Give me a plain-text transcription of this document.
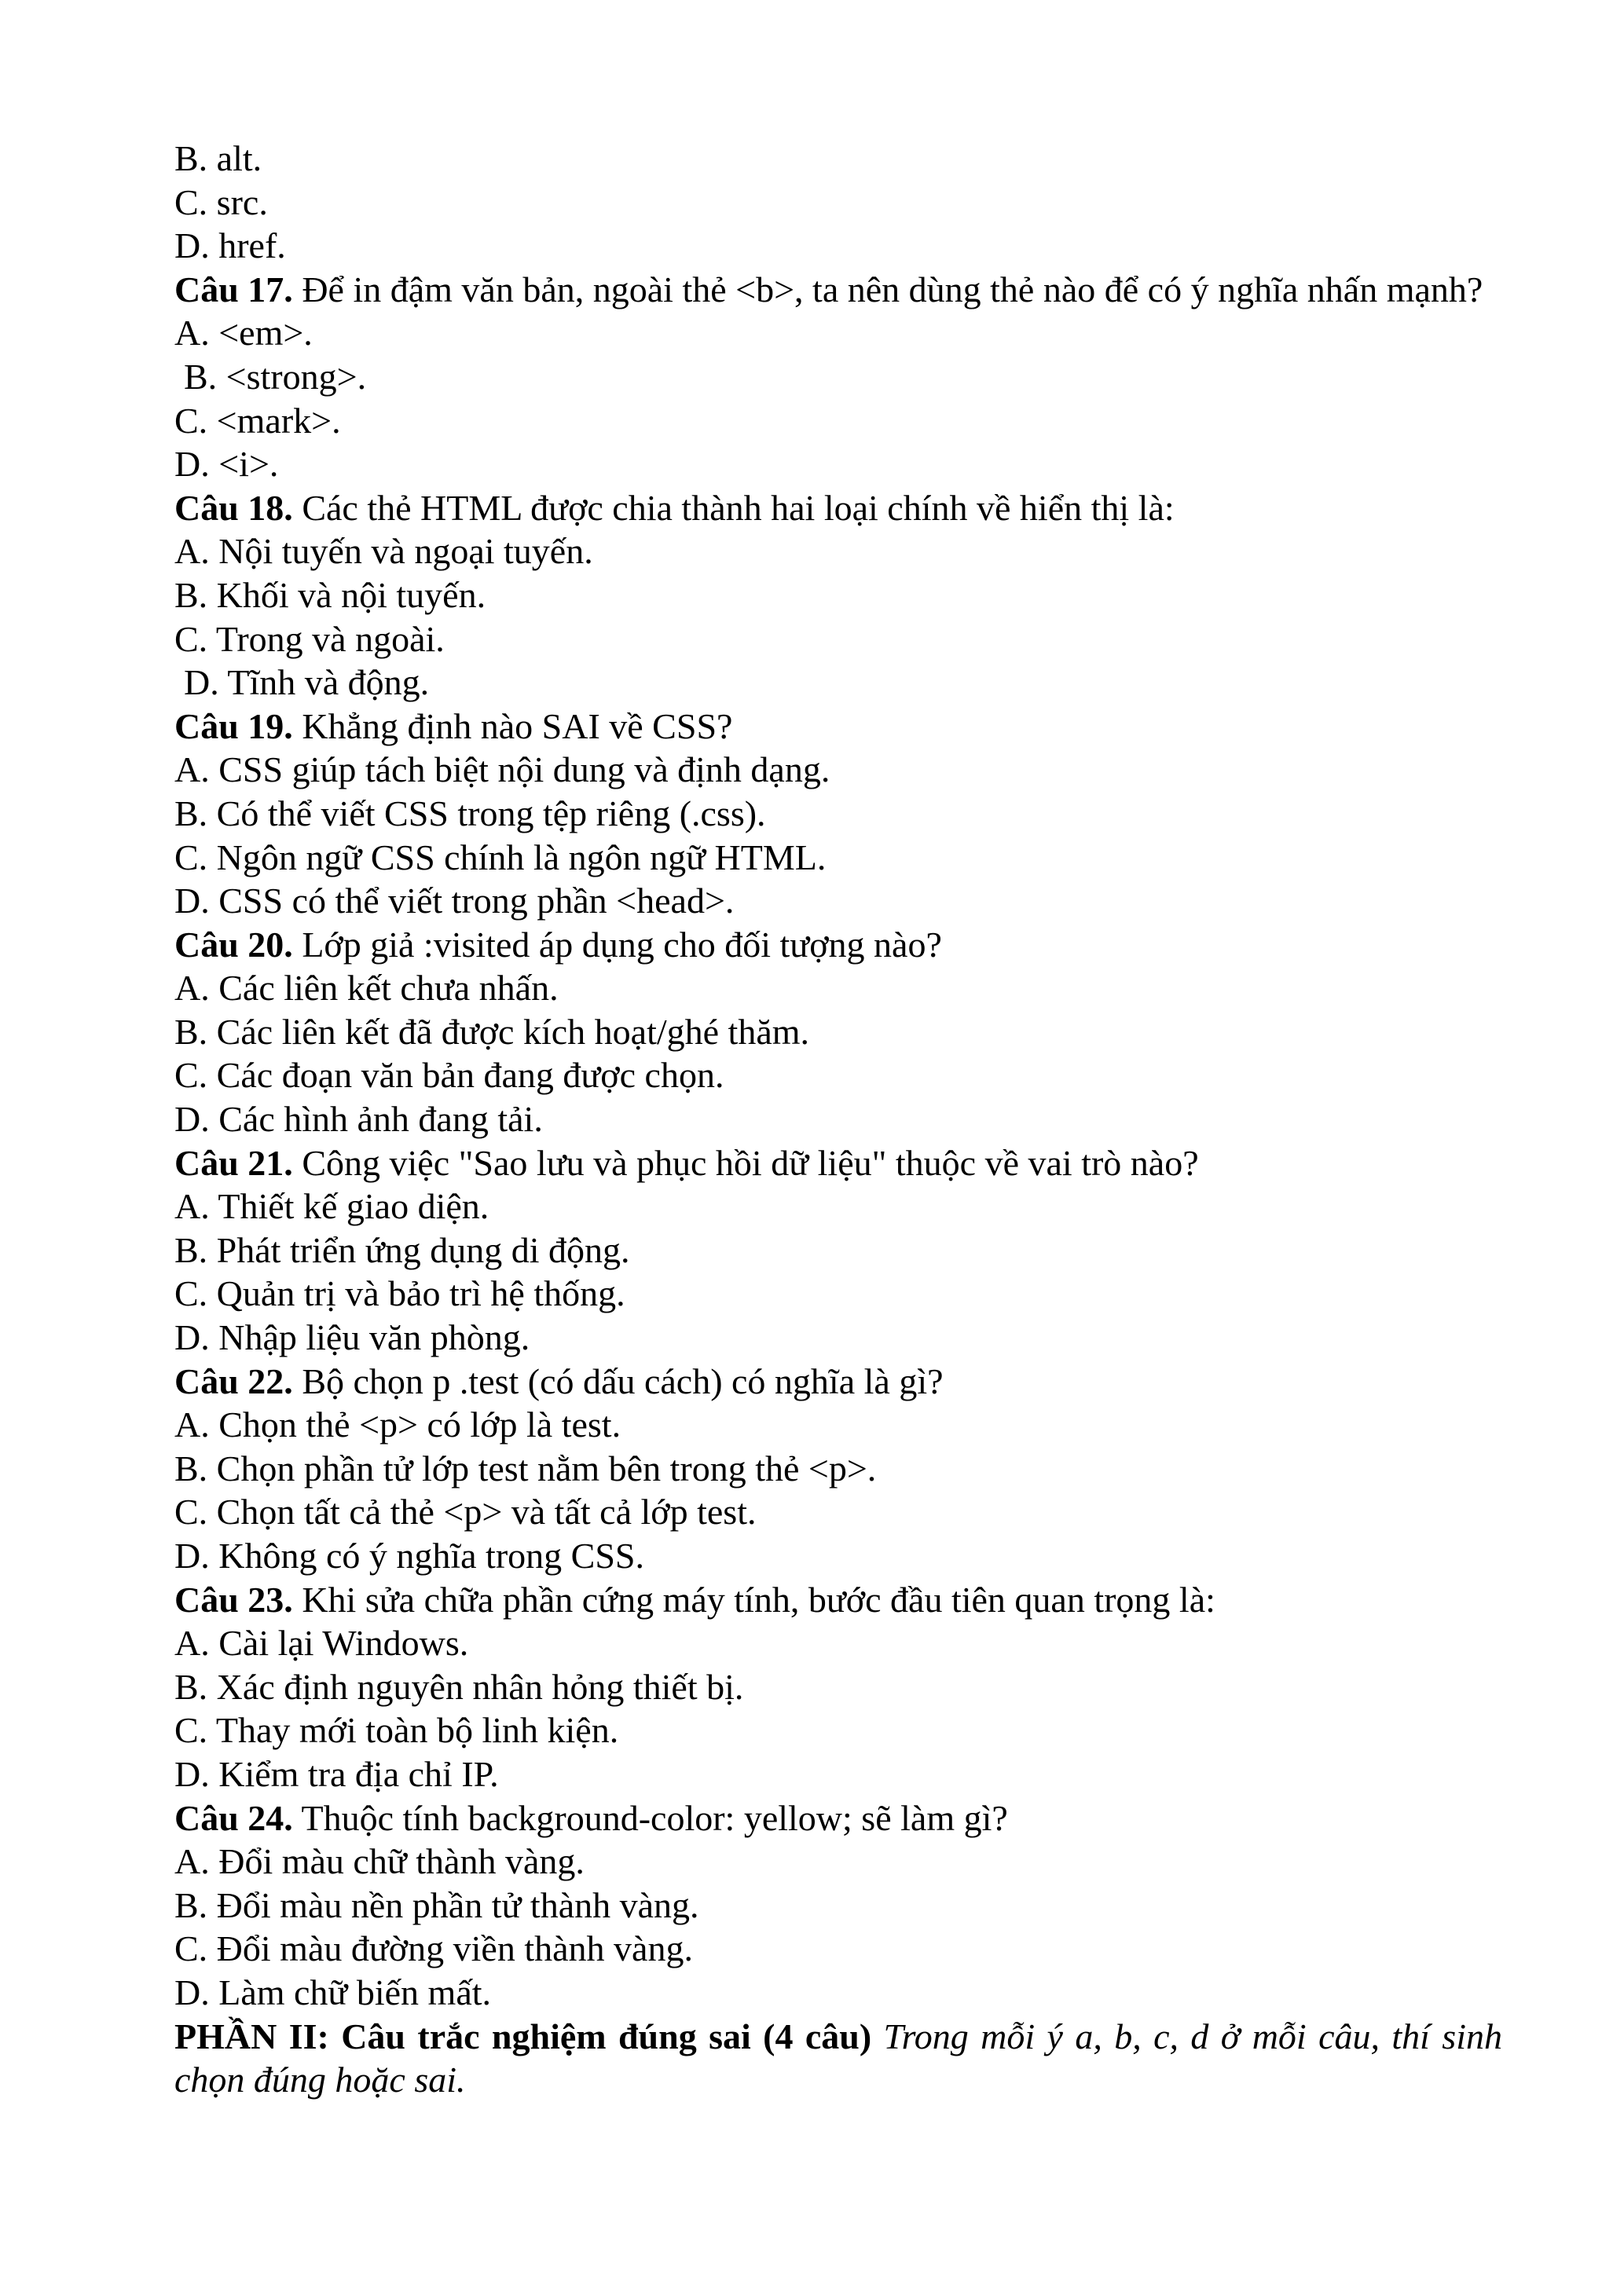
B. alt.
C. src.
D. href.
Câu 17. Để in đậm văn bản, ngoài thẻ <b>, ta nên dùng thẻ nào để có ý nghĩa nhấn mạnh?
A. <em>.
B. <strong>.
C. <mark>.
D. <i>.
Câu 18. Các thẻ HTML được chia thành hai loại chính về hiển thị là:
A. Nội tuyến và ngoại tuyến.
B. Khối và nội tuyến.
C. Trong và ngoài.
D. Tĩnh và động.
Câu 19. Khẳng định nào SAI về CSS?
A. CSS giúp tách biệt nội dung và định dạng.
B. Có thể viết CSS trong tệp riêng (.css).
C. Ngôn ngữ CSS chính là ngôn ngữ HTML.
D. CSS có thể viết trong phần <head>.
Câu 20. Lớp giả :visited áp dụng cho đối tượng nào?
A. Các liên kết chưa nhấn.
B. Các liên kết đã được kích hoạt/ghé thăm.
C. Các đoạn văn bản đang được chọn.
D. Các hình ảnh đang tải.
Câu 21. Công việc "Sao lưu và phục hồi dữ liệu" thuộc về vai trò nào?
A. Thiết kế giao diện.
B. Phát triển ứng dụng di động.
C. Quản trị và bảo trì hệ thống.
D. Nhập liệu văn phòng.
Câu 22. Bộ chọn p .test (có dấu cách) có nghĩa là gì?
A. Chọn thẻ <p> có lớp là test.
B. Chọn phần tử lớp test nằm bên trong thẻ <p>.
C. Chọn tất cả thẻ <p> và tất cả lớp test.
D. Không có ý nghĩa trong CSS.
Câu 23. Khi sửa chữa phần cứng máy tính, bước đầu tiên quan trọng là:
A. Cài lại Windows.
B. Xác định nguyên nhân hỏng thiết bị.
C. Thay mới toàn bộ linh kiện.
D. Kiểm tra địa chỉ IP.
Câu 24. Thuộc tính background-color: yellow; sẽ làm gì?
A. Đổi màu chữ thành vàng.
B. Đổi màu nền phần tử thành vàng.
C. Đổi màu đường viền thành vàng.
D. Làm chữ biến mất.
PHẦN II: Câu trắc nghiệm đúng sai (4 câu) Trong mỗi ý a, b, c, d ở mỗi câu, thí sinh chọn đúng hoặc sai.
